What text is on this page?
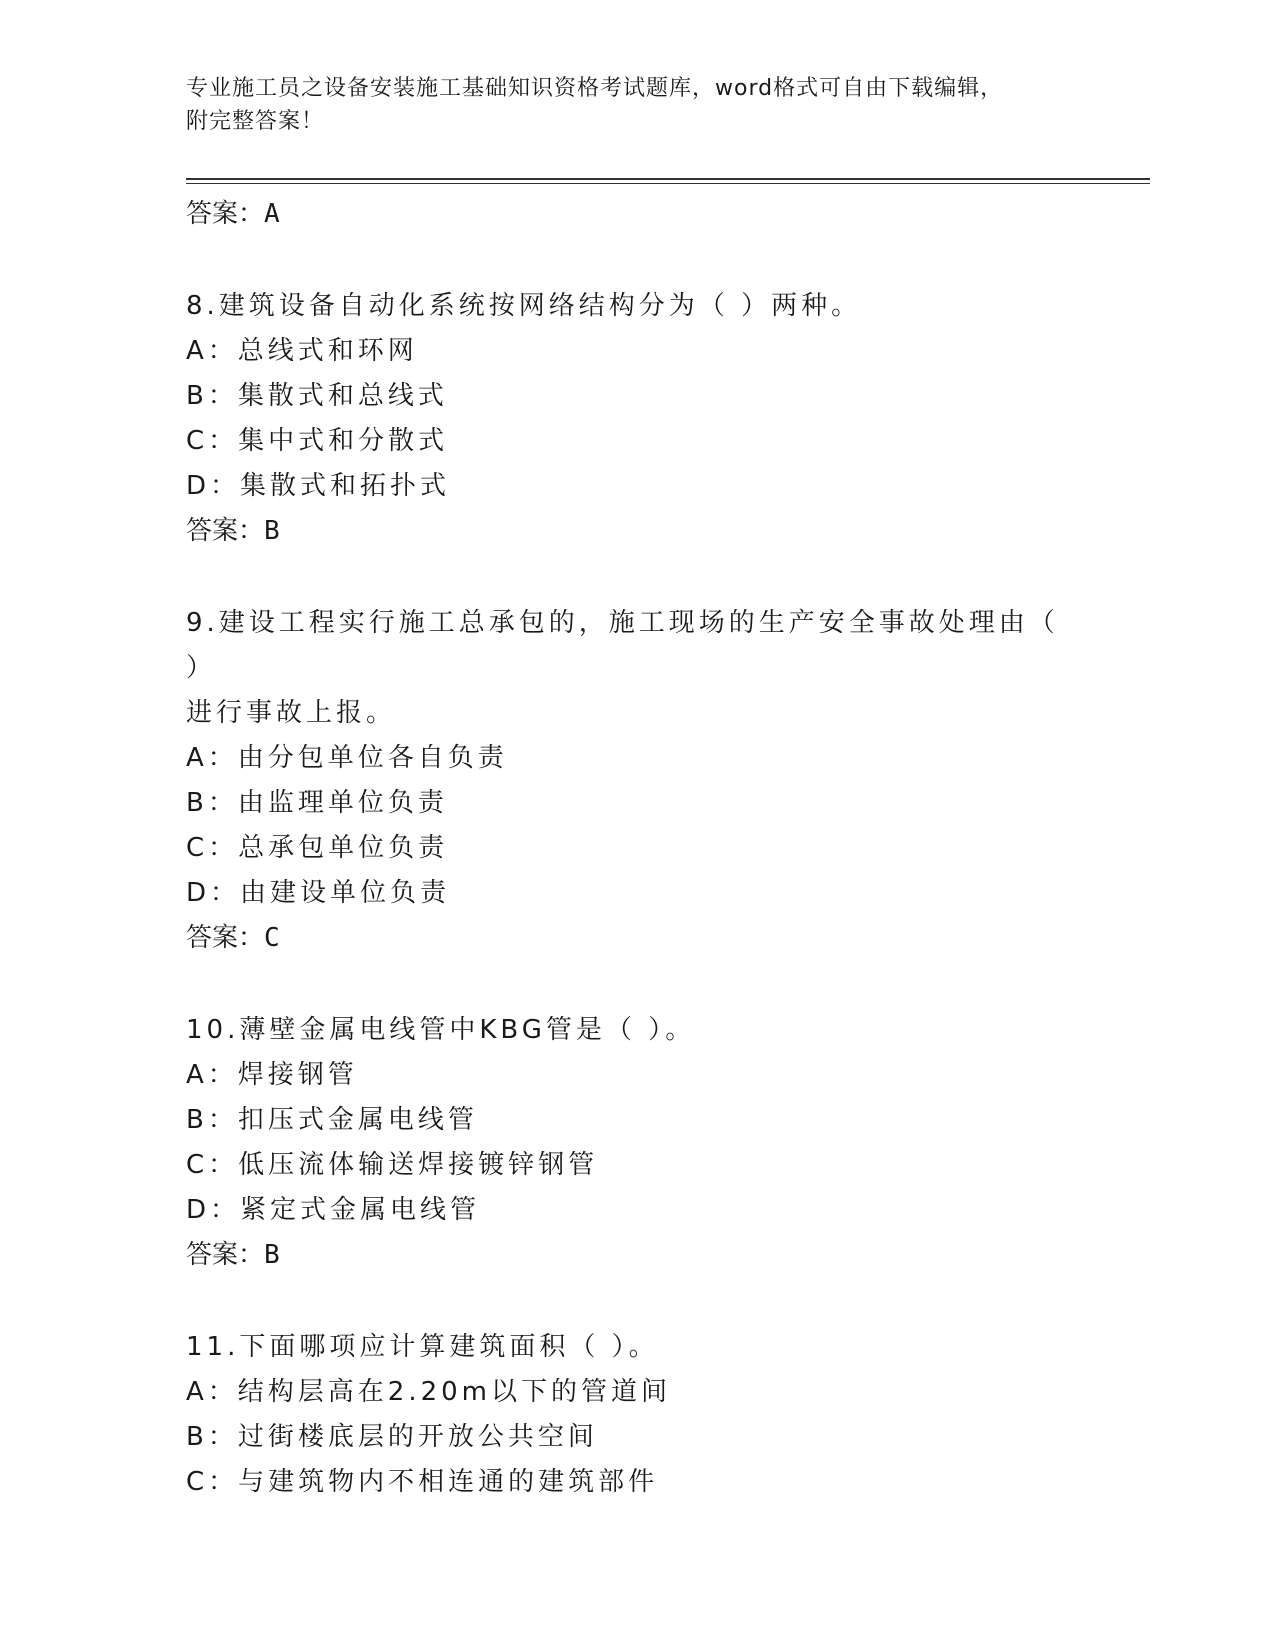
专业施工员之设备安装施工基础知识资格考试题库，word格式可自由下载编辑，
附完整答案！
答案：A
8.建筑设备自动化系统按网络结构分为（ ）两种。
A：总线式和环网
B：集散式和总线式
C：集中式和分散式
D：集散式和拓扑式
答案：B
9.建设工程实行施工总承包的，施工现场的生产安全事故处理由（ ）
进行事故上报。
A：由分包单位各自负责
B：由监理单位负责
C：总承包单位负责
D：由建设单位负责
答案：C
10.薄壁金属电线管中KBG管是（ ）。
A：焊接钢管
B：扣压式金属电线管
C：低压流体输送焊接镀锌钢管
D：紧定式金属电线管
答案：B
11.下面哪项应计算建筑面积（ ）。
A：结构层高在2.20m以下的管道间
B：过街楼底层的开放公共空间
C：与建筑物内不相连通的建筑部件
